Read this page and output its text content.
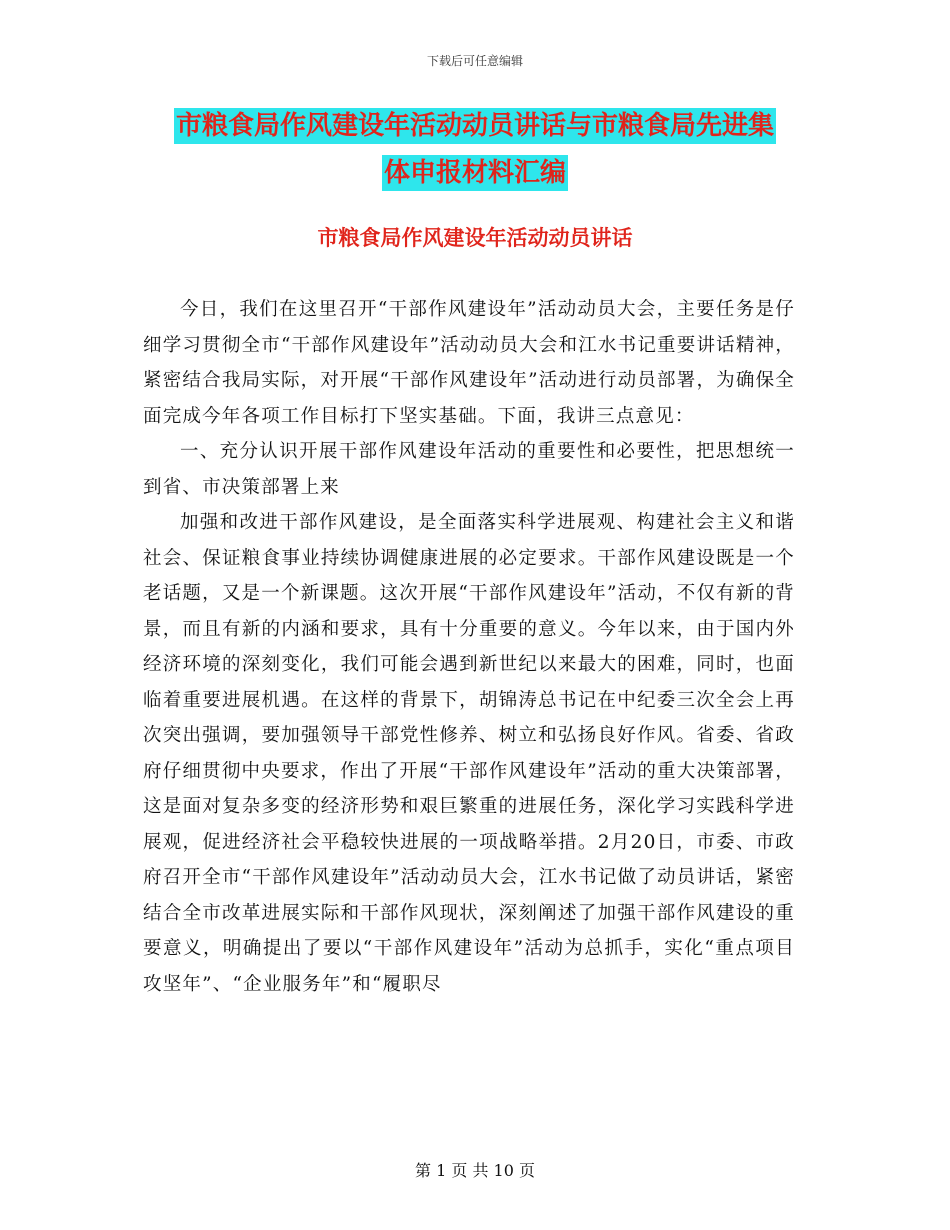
下载后可任意编辑
市粮食局作风建设年活动动员讲话与市粮食局先进集
体申报材料汇编
市粮食局作风建设年活动动员讲话

今日，我们在这里召开“干部作风建设年”活动动员大会，主要任务是仔细学习贯彻全市“干部作风建设年”活动动员大会和江水书记重要讲话精神，紧密结合我局实际，对开展“干部作风建设年”活动进行动员部署，为确保全面完成今年各项工作目标打下坚实基础。下面，我讲三点意见：

一、充分认识开展干部作风建设年活动的重要性和必要性，把思想统一到省、市决策部署上来

加强和改进干部作风建设，是全面落实科学进展观、构建社会主义和谐社会、保证粮食事业持续协调健康进展的必定要求。干部作风建设既是一个老话题，又是一个新课题。这次开展“干部作风建设年”活动，不仅有新的背景，而且有新的内涵和要求，具有十分重要的意义。今年以来，由于国内外经济环境的深刻变化，我们可能会遇到新世纪以来最大的困难，同时，也面临着重要进展机遇。在这样的背景下，胡锦涛总书记在中纪委三次全会上再次突出强调，要加强领导干部党性修养、树立和弘扬良好作风。省委、省政府仔细贯彻中央要求，作出了开展“干部作风建设年”活动的重大决策部署，这是面对复杂多变的经济形势和艰巨繁重的进展任务，深化学习实践科学进展观，促进经济社会平稳较快进展的一项战略举措。2月20日，市委、市政府召开全市“干部作风建设年”活动动员大会，江水书记做了动员讲话，紧密结合全市改革进展实际和干部作风现状，深刻阐述了加强干部作风建设的重要意义，明确提出了要以“干部作风建设年”活动为总抓手，实化“重点项目攻坚年”、“企业服务年”和“履职尽

第 1 页 共 10 页
